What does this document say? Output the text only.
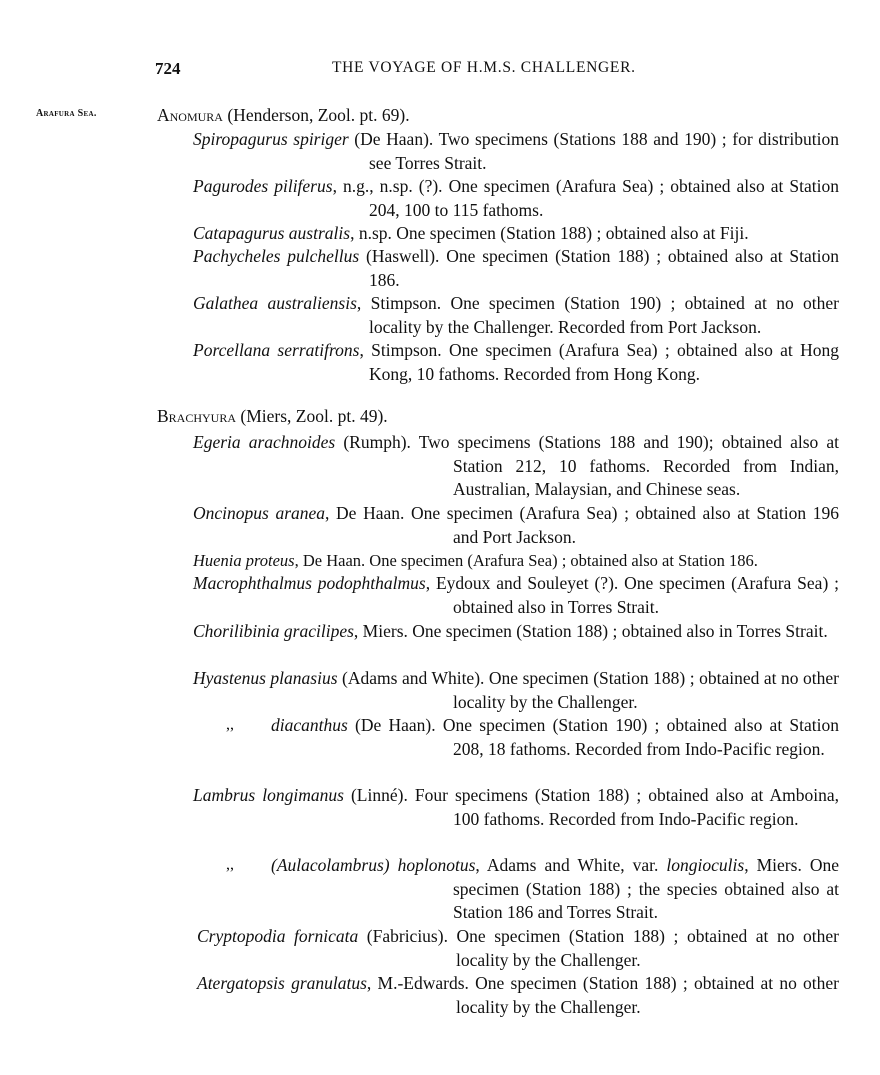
724	THE VOYAGE OF H.M.S. CHALLENGER.
Arafura Sea.	Anomura (Henderson, Zool. pt. 69).
Spiropagurus spiriger (De Haan). Two specimens (Stations 188 and 190) ; for distribution see Torres Strait.
Pagurodes piliferus, n.g., n.sp. (?). One specimen (Arafura Sea) ; obtained also at Station 204, 100 to 115 fathoms.
Catapagurus australis, n.sp. One specimen (Station 188) ; obtained also at Fiji.
Pachycheles pulchellus (Haswell). One specimen (Station 188) ; obtained also at Station 186.
Galathea australiensis, Stimpson. One specimen (Station 190) ; obtained at no other locality by the Challenger. Recorded from Port Jackson.
Porcellana serratifrons, Stimpson. One specimen (Arafura Sea) ; obtained also at Hong Kong, 10 fathoms. Recorded from Hong Kong.
Brachyura (Miers, Zool. pt. 49).
Egeria arachnoides (Rumph). Two specimens (Stations 188 and 190); obtained also at Station 212, 10 fathoms. Recorded from Indian, Australian, Malaysian, and Chinese seas.
Oncinopus aranea, De Haan. One specimen (Arafura Sea) ; obtained also at Station 196 and Port Jackson.
Huenia proteus, De Haan. One specimen (Arafura Sea) ; obtained also at Station 186.
Macrophthalmus podophthalmus, Eydoux and Souleyet (?). One specimen (Arafura Sea) ; obtained also in Torres Strait.
Chorilibinia gracilipes, Miers. One specimen (Station 188) ; obtained also in Torres Strait.
Hyastenus planasius (Adams and White). One specimen (Station 188) ; obtained at no other locality by the Challenger.
,, diacanthus (De Haan). One specimen (Station 190) ; obtained also at Station 208, 18 fathoms. Recorded from Indo-Pacific region.
Lambrus longimanus (Linné). Four specimens (Station 188) ; obtained also at Amboina, 100 fathoms. Recorded from Indo-Pacific region.
,, (Aulacolambrus) hoplonotus, Adams and White, var. longioculis, Miers. One specimen (Station 188) ; the species obtained also at Station 186 and Torres Strait.
Cryptopodia fornicata (Fabricius). One specimen (Station 188) ; obtained at no other locality by the Challenger.
Atergatopsis granulatus, M.-Edwards. One specimen (Station 188) ; obtained at no other locality by the Challenger.
